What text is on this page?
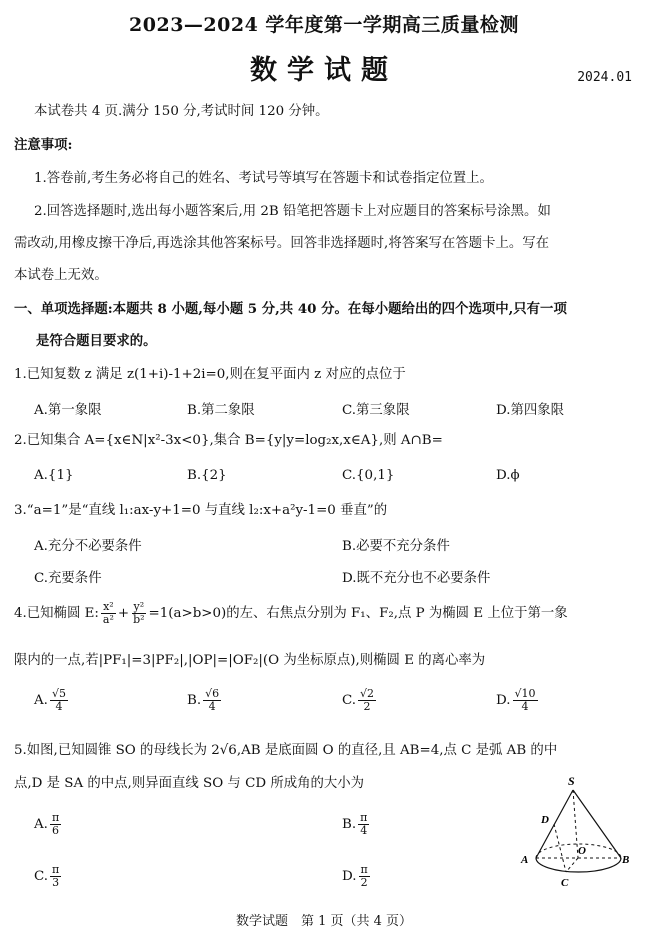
2023—2024 学年度第一学期高三质量检测
数学试题	2024.01
本试卷共 4 页.满分 150 分,考试时间 120 分钟。
注意事项:
1.答卷前,考生务必将自己的姓名、考试号等填写在答题卡和试卷指定位置上。
2.回答选择题时,选出每小题答案后,用 2B 铅笔把答题卡上对应题目的答案标号涂黑。如
需改动,用橡皮擦干净后,再选涂其他答案标号。回答非选择题时,将答案写在答题卡上。写在
本试卷上无效。
一、单项选择题:本题共 8 小题,每小题 5 分,共 40 分。在每小题给出的四个选项中,只有一项
是符合题目要求的。
1.已知复数 z 满足 z(1+i)-1+2i=0,则在复平面内 z 对应的点位于
A.第一象限	B.第二象限	C.第三象限	D.第四象限
2.已知集合 A={x∈N|x²-3x<0},集合 B={y|y=log₂x,x∈A},则 A∩B=
A.{1}	B.{2}	C.{0,1}	D.ϕ
3.“a=1”是“直线 l₁:ax-y+1=0 与直线 l₂:x+a²y-1=0 垂直”的
A.充分不必要条件	B.必要不充分条件
C.充要条件	D.既不充分也不必要条件
4.已知椭圆 E: $\frac{\text{x²}}{\text{a²}} + \frac{\text{y²}}{\text{b²}} =1(a>b>0)$的左、右焦点分别为 F₁、F₂,点 P 为椭圆 E 上位于第一象
限内的一点,若|PF₁|=3|PF₂|,|OP|=|OF₂|(O 为坐标原点),则椭圆 E 的离心率为
A. $\frac{√5}{4}$	B. $\frac{√6}{4}$	C. $\frac{√2}{2}$	D. $\frac{√10}{4}$
5.如图,已知圆锥 SO 的母线长为 2√6,AB 是底面圆 O 的直径,且 AB=4,点 C 是弧 AB 的中
点,D 是 SA 的中点,则异面直线 SO 与 CD 所成角的大小为
A. $\frac{\pi}{6}$	B. $\frac{\pi}{4}$
C. $\frac{\pi}{3}$	D. $\frac{\pi}{2}$
S
D
O
A	B
C
数学试题　第 1 页（共 4 页）
